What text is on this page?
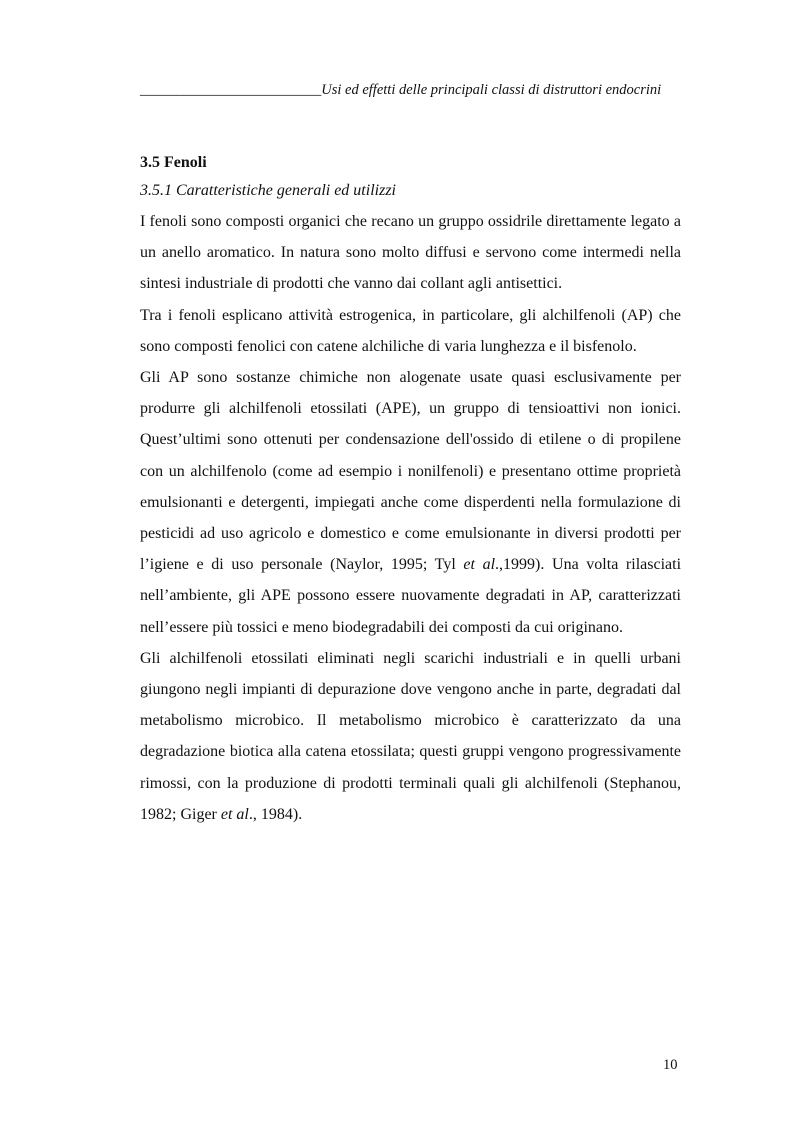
_________________________Usi ed effetti delle principali classi di distruttori endocrini

3.5 Fenoli

3.5.1 Caratteristiche generali ed utilizzi

I fenoli sono composti organici che recano un gruppo ossidrile direttamente legato a un anello aromatico. In natura sono molto diffusi e servono come intermedi nella sintesi industriale di prodotti che vanno dai collant agli antisettici.

Tra i fenoli esplicano attività estrogenica, in particolare, gli alchilfenoli (AP) che sono composti fenolici con catene alchiliche di varia lunghezza e il bisfenolo.

Gli AP sono sostanze chimiche non alogenate usate quasi esclusivamente per produrre gli alchilfenoli etossilati (APE), un gruppo di tensioattivi non ionici. Quest’ultimi sono ottenuti per condensazione dell'ossido di etilene o di propilene con un alchilfenolo (come ad esempio i nonilfenoli) e presentano ottime proprietà emulsionanti e detergenti, impiegati anche come disperdenti nella formulazione di pesticidi ad uso agricolo e domestico e come emulsionante in diversi prodotti per l’igiene e di uso personale (Naylor, 1995; Tyl et al.,1999). Una volta rilasciati nell’ambiente, gli APE possono essere nuovamente degradati in AP, caratterizzati nell’essere più tossici e meno biodegradabili dei composti da cui originano.

Gli alchilfenoli etossilati eliminati negli scarichi industriali e in quelli urbani giungono negli impianti di depurazione dove vengono anche in parte, degradati dal metabolismo microbico. Il metabolismo microbico è caratterizzato da una degradazione biotica alla catena etossilata; questi gruppi vengono progressivamente rimossi, con la produzione di prodotti terminali quali gli alchilfenoli (Stephanou, 1982; Giger et al., 1984).

10
